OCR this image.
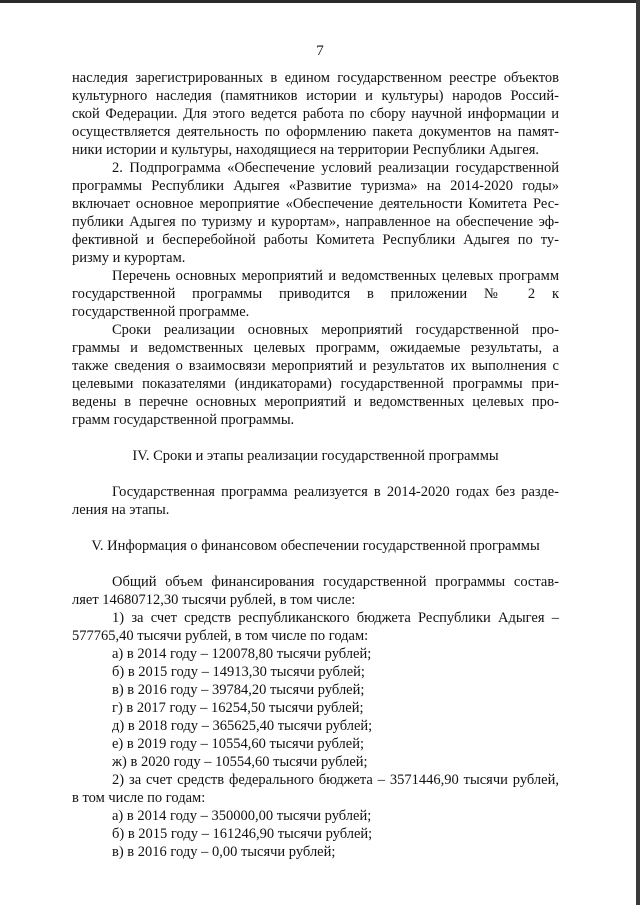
7
наследия зарегистрированных в едином государственном реестре объектов
культурного наследия (памятников истории и культуры) народов Россий-
ской Федерации. Для этого ведется работа по сбору научной информации и
осуществляется деятельность по оформлению пакета документов на памят-
ники истории и культуры, находящиеся на территории Республики Адыгея.
2. Подпрограмма «Обеспечение условий реализации государственной
программы Республики Адыгея «Развитие туризма» на 2014-2020 годы»
включает основное мероприятие «Обеспечение деятельности Комитета Рес-
публики Адыгея по туризму и курортам», направленное на обеспечение эф-
фективной и бесперебойной работы Комитета Республики Адыгея по ту-
ризму и курортам.
Перечень основных мероприятий и ведомственных целевых программ
государственной программы приводится в приложении № 2 к
государственной программе.
Сроки реализации основных мероприятий государственной про-
граммы и ведомственных целевых программ, ожидаемые результаты, а
также сведения о взаимосвязи мероприятий и результатов их выполнения с
целевыми показателями (индикаторами) государственной программы при-
ведены в перечне основных мероприятий и ведомственных целевых про-
грамм государственной программы.
IV. Сроки и этапы реализации государственной программы
Государственная программа реализуется в 2014-2020 годах без разде-
ления на этапы.
V. Информация о финансовом обеспечении государственной программы
Общий объем финансирования государственной программы состав-
ляет 14680712,30 тысячи рублей, в том числе:
1) за счет средств республиканского бюджета Республики Адыгея –
577765,40 тысячи рублей, в том числе по годам:
а) в 2014 году – 120078,80 тысячи рублей;
б) в 2015 году – 14913,30 тысячи рублей;
в) в 2016 году – 39784,20 тысячи рублей;
г) в 2017 году – 16254,50 тысячи рублей;
д) в 2018 году – 365625,40 тысячи рублей;
е) в 2019 году – 10554,60 тысячи рублей;
ж) в 2020 году – 10554,60 тысячи рублей;
2) за счет средств федерального бюджета – 3571446,90 тысячи рублей,
в том числе по годам:
а) в 2014 году – 350000,00 тысячи рублей;
б) в 2015 году – 161246,90 тысячи рублей;
в) в 2016 году – 0,00 тысячи рублей;
